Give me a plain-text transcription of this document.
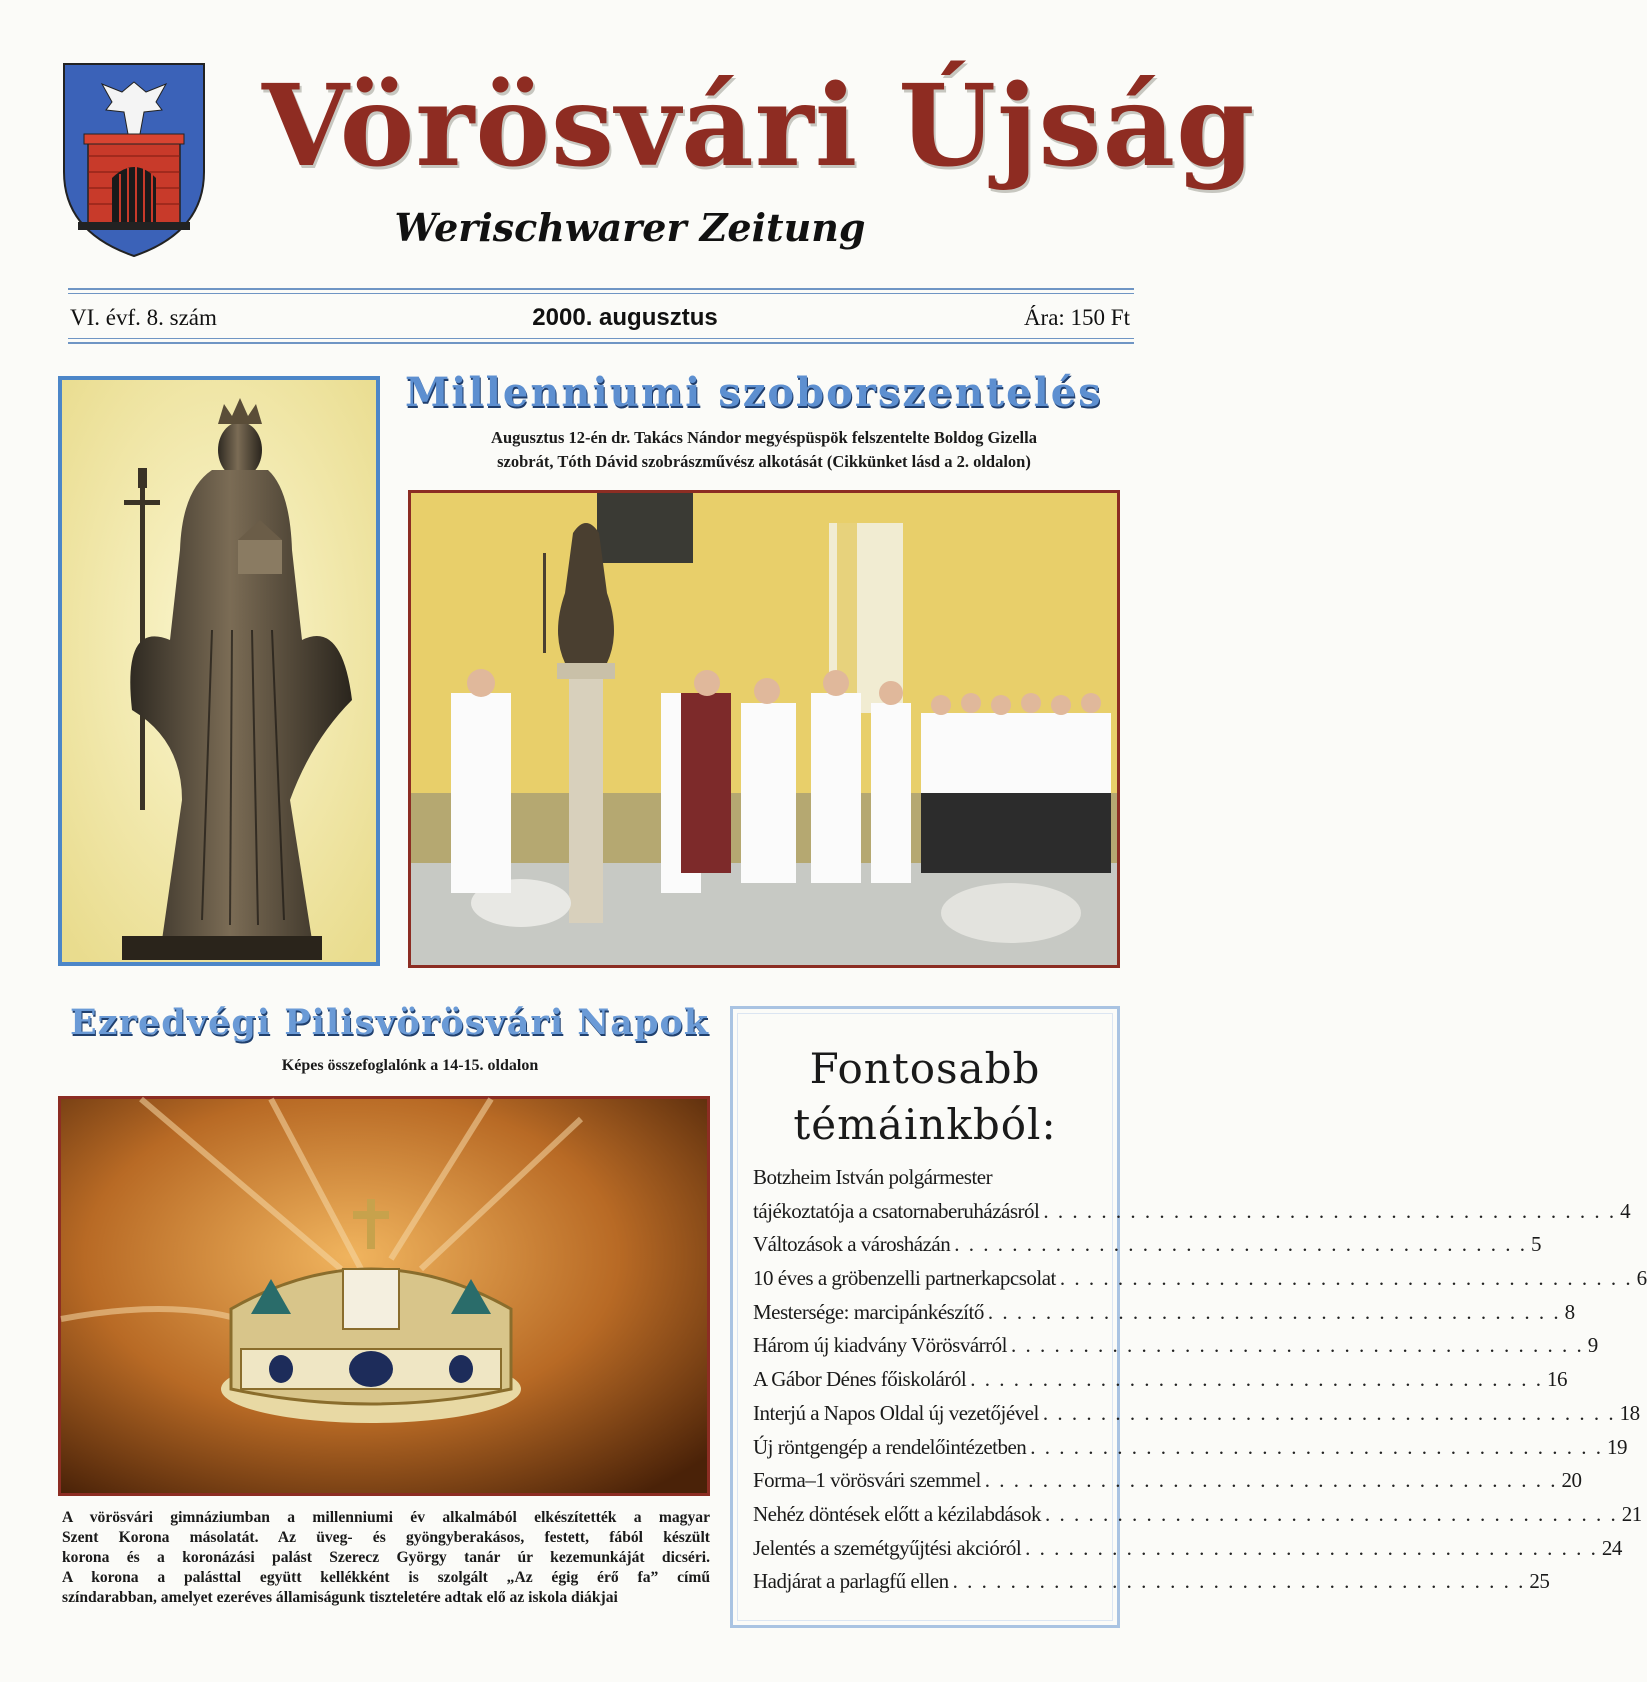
Vörösvári Újság
Werischwarer Zeitung
VI. évf. 8. szám	2000. augusztus	Ára: 150 Ft
Millenniumi szoborszentelés
Augusztus 12-én dr. Takács Nándor megyéspüspök felszentelte Boldog Gizella
szobrát, Tóth Dávid szobrászművész alkotását (Cikkünket lásd a 2. oldalon)
Ezredvégi Pilisvörösvári Napok
Képes összefoglalónk a 14-15. oldalon
A vörösvári gimnáziumban a millenniumi év alkalmából elkészítették a magyar
Szent Korona másolatát. Az üveg- és gyöngyberakásos, festett, fából készült
korona és a koronázási palást Szerecz György tanár úr kezemunkáját dicséri.
A korona a palásttal együtt kellékként is szolgált „Az égig érő fa” című
színdarabban, amelyet ezeréves államiságunk tiszteletére adtak elő az iskola diákjai
Fontosabb
témáinkból:
Botzheim István polgármester
tájékoztatója a csatornaberuházásról . . .	4
Változások a városházán . . .	5
10 éves a gröbenzelli partnerkapcsolat . . .	6
Mestersége: marcipánkészítő . . .	8
Három új kiadvány Vörösvárról . . .	9
A Gábor Dénes főiskoláról . . .	16
Interjú a Napos Oldal új vezetőjével . . .	18
Új röntgengép a rendelőintézetben . . .	19
Forma–1 vörösvári szemmel . . .	20
Nehéz döntések előtt a kézilabdások . . .	21
Jelentés a szemétgyűjtési akcióról . . .	24
Hadjárat a parlagfű ellen . . .	25
